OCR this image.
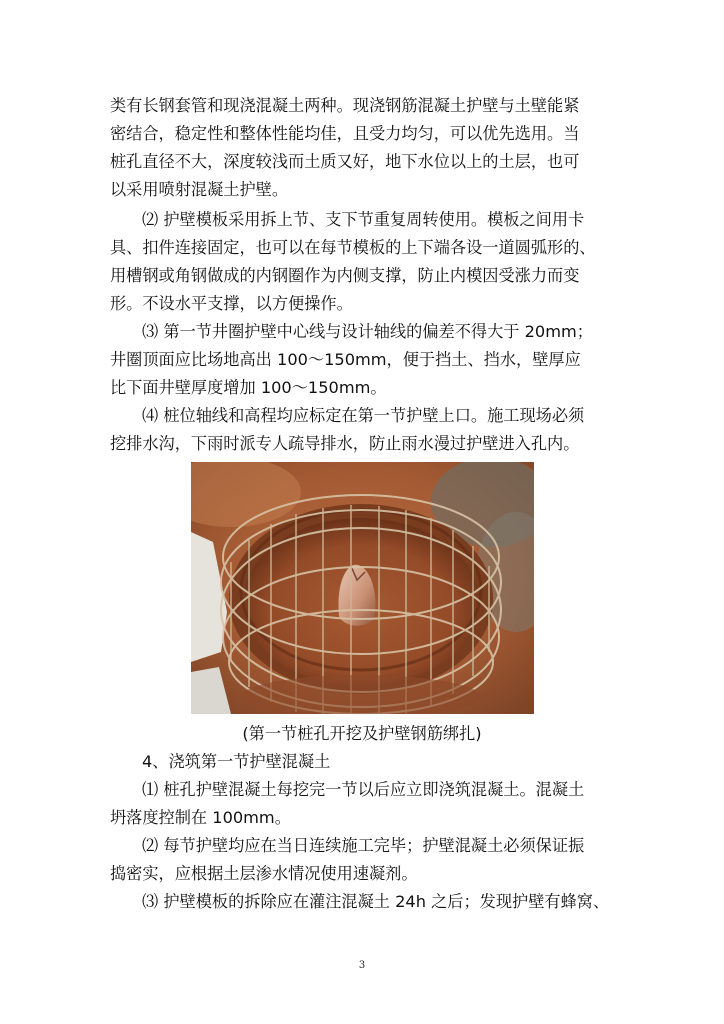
类有长钢套管和现浇混凝土两种。现浇钢筋混凝土护壁与土壁能紧
密结合，稳定性和整体性能均佳，且受力均匀，可以优先选用。当
桩孔直径不大，深度较浅而土质又好，地下水位以上的土层，也可
以采用喷射混凝土护壁。

⑵ 护壁模板采用拆上节、支下节重复周转使用。模板之间用卡
具、扣件连接固定，也可以在每节模板的上下端各设一道圆弧形的、
用槽钢或角钢做成的内钢圈作为内侧支撑，防止内模因受涨力而变
形。不设水平支撑，以方便操作。

⑶ 第一节井圈护壁中心线与设计轴线的偏差不得大于 20mm；
井圈顶面应比场地高出 100～150mm，便于挡土、挡水，壁厚应
比下面井壁厚度增加 100～150mm。

⑷ 桩位轴线和高程均应标定在第一节护壁上口。施工现场必须
挖排水沟，下雨时派专人疏导排水，防止雨水漫过护壁进入孔内。

(第一节桩孔开挖及护壁钢筋绑扎)

4、浇筑第一节护壁混凝土

⑴ 桩孔护壁混凝土每挖完一节以后应立即浇筑混凝土。混凝土
坍落度控制在 100mm。

⑵ 每节护壁均应在当日连续施工完毕；护壁混凝土必须保证振
捣密实，应根据土层渗水情况使用速凝剂。

⑶ 护壁模板的拆除应在灌注混凝土 24h 之后；发现护壁有蜂窝、

3
